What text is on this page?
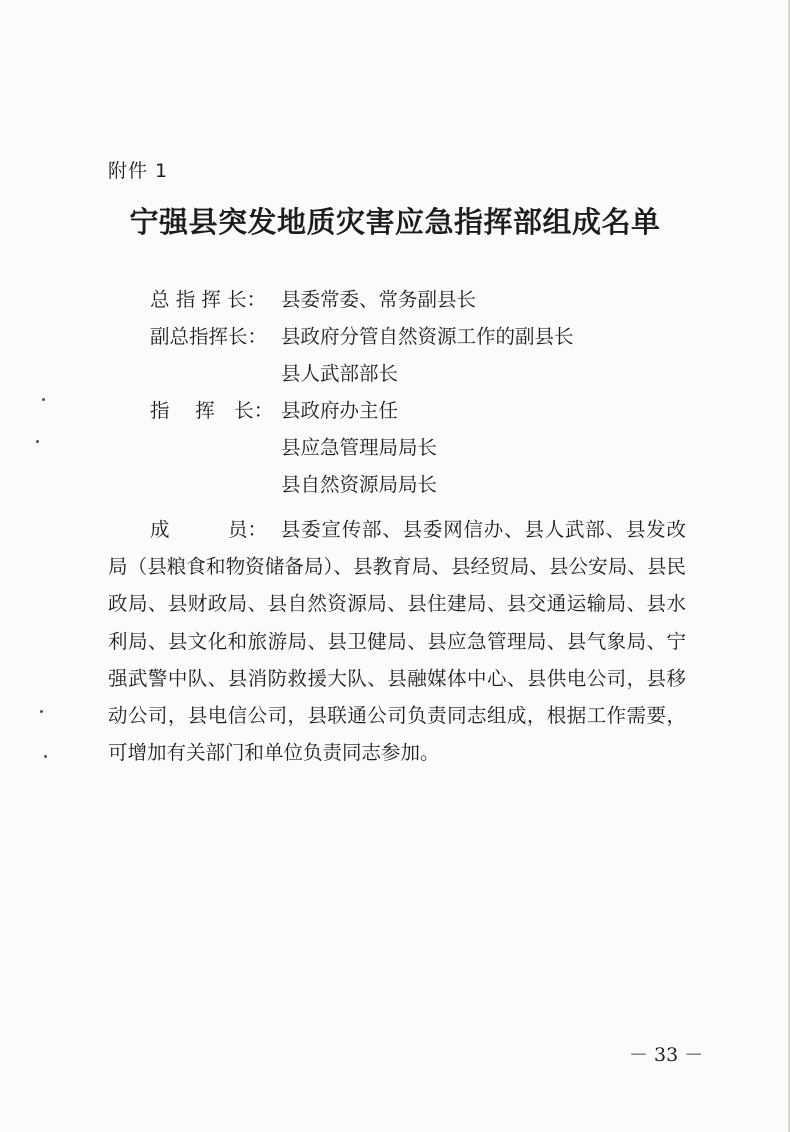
附件 1
宁强县突发地质灾害应急指挥部组成名单
总 指 挥 长： 县委常委、常务副县长
副总指挥长： 县政府分管自然资源工作的副县长
县人武部部长
指　 挥　长： 县政府办主任
县应急管理局局长
县自然资源局局长
成　　　员： 县委宣传部、县委网信办、县人武部、县发改局（县粮食和物资储备局）、县教育局、县经贸局、县公安局、县民政局、县财政局、县自然资源局、县住建局、县交通运输局、县水利局、县文化和旅游局、县卫健局、县应急管理局、县气象局、宁强武警中队、县消防救援大队、县融媒体中心、县供电公司，县移动公司，县电信公司，县联通公司负责同志组成，根据工作需要，可增加有关部门和单位负责同志参加。
－ 33 －
